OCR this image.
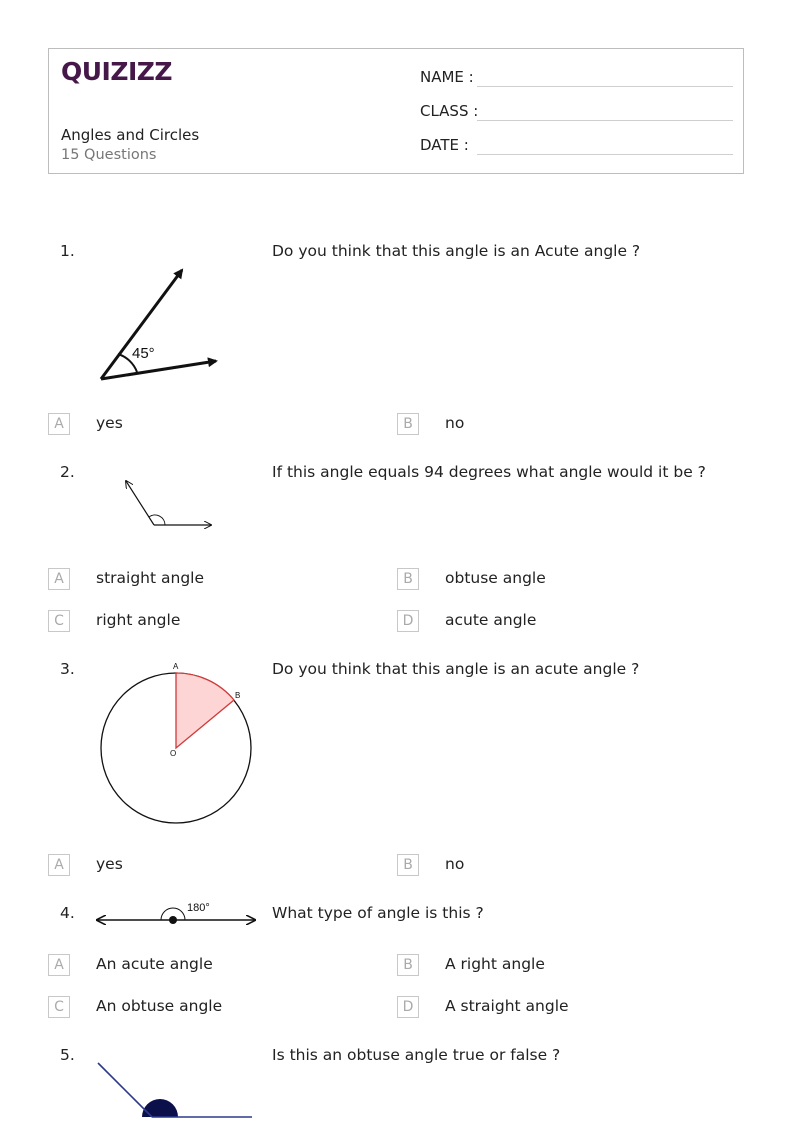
QUIZIZZ
Angles and Circles
15 Questions
NAME :
CLASS :
DATE :
1.	Do you think that this angle is an Acute angle ?
45°
A	yes	B	no
2.	If this angle equals 94 degrees what angle would it be ?
A	straight angle	B	obtuse angle
C	right angle	D	acute angle
3.	Do you think that this angle is an acute angle ?
A
B
O
A	yes	B	no
4.	What type of angle is this ?
180°
A	An acute angle	B	A right angle
C	An obtuse angle	D	A straight angle
5.	Is this an obtuse angle true or false ?
